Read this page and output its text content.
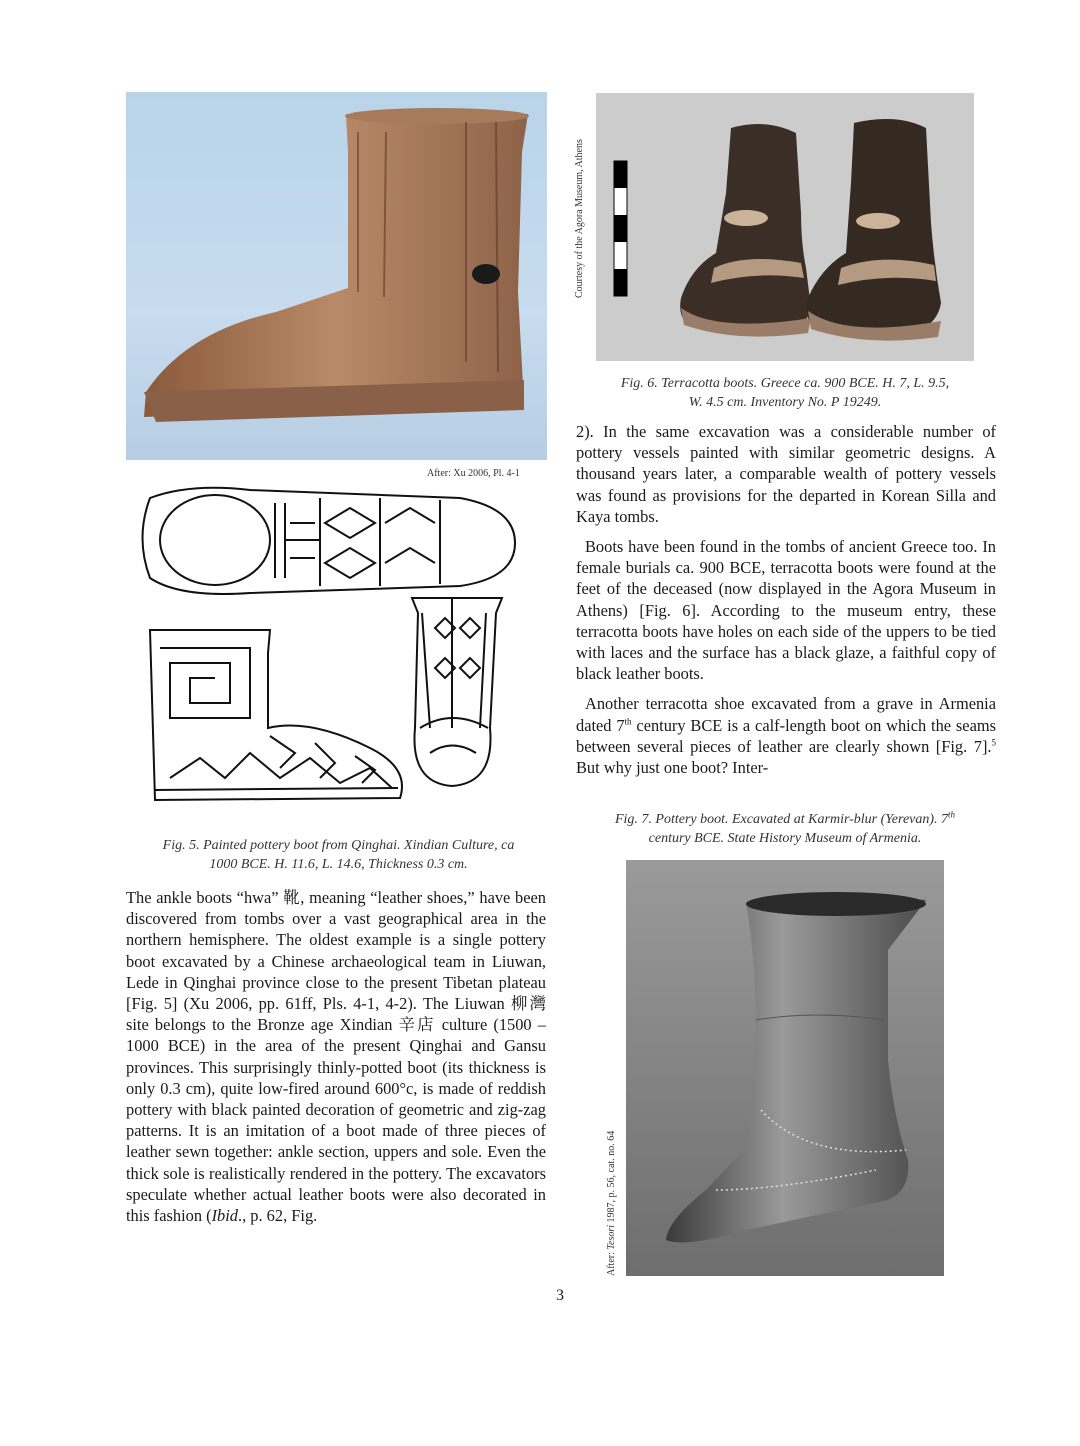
After: Xu 2006, Pl. 4-1
Fig. 5. Painted pottery boot from Qinghai. Xindian Culture, ca
1000 BCE. H. 11.6, L. 14.6, Thickness 0.3 cm.
The ankle boots “hwa” 靴, meaning “leather shoes,” have been discovered from tombs over a vast geographical area in the northern hemisphere. The oldest example is a single pottery boot excavated by a Chinese archaeological team in Liuwan, Lede in Qinghai province close to the present Tibetan plateau [Fig. 5] (Xu 2006, pp. 61ff, Pls. 4-1, 4-2). The Liuwan 柳灣 site belongs to the Bronze age Xindian 辛店 culture (1500 – 1000 BCE) in the area of the present Qinghai and Gansu provinces. This surprisingly thinly-potted boot (its thickness is only 0.3 cm), quite low-fired around 600°c, is made of reddish pottery with black painted decoration of geometric and zig-zag patterns. It is an imitation of a boot made of three pieces of leather sewn together: ankle section, uppers and sole. Even the thick sole is realistically rendered in the pottery. The excavators speculate whether actual leather boots were also decorated in this fashion (Ibid., p. 62, Fig.
Courtesy of the Agora Museum, Athens
Fig. 6. Terracotta boots. Greece ca. 900 BCE. H. 7, L. 9.5,
W. 4.5 cm. Inventory No. P 19249.

2). In the same excavation was a considerable number of pottery vessels painted with similar geometric designs. A thousand years later, a comparable wealth of pottery vessels was found as provisions for the departed in Korean Silla and Kaya tombs.

Boots have been found in the tombs of ancient Greece too. In female burials ca. 900 BCE, terracotta boots were found at the feet of the deceased (now displayed in the Agora Museum in Athens) [Fig. 6]. According to the museum entry, these terracotta boots have holes on each side of the uppers to be tied with laces and the surface has a black glaze, a faithful copy of black leather boots.

Another terracotta shoe excavated from a grave in Armenia dated 7th century BCE is a calf-length boot on which the seams between several pieces of leather are clearly shown [Fig. 7].$^5$ But why just one boot? Inter-

Fig. 7. Pottery boot. Excavated at Karmir-blur (Yerevan). 7th
century BCE. State History Museum of Armenia.
After: Tesori 1987, p. 56, cat. no. 64
3
